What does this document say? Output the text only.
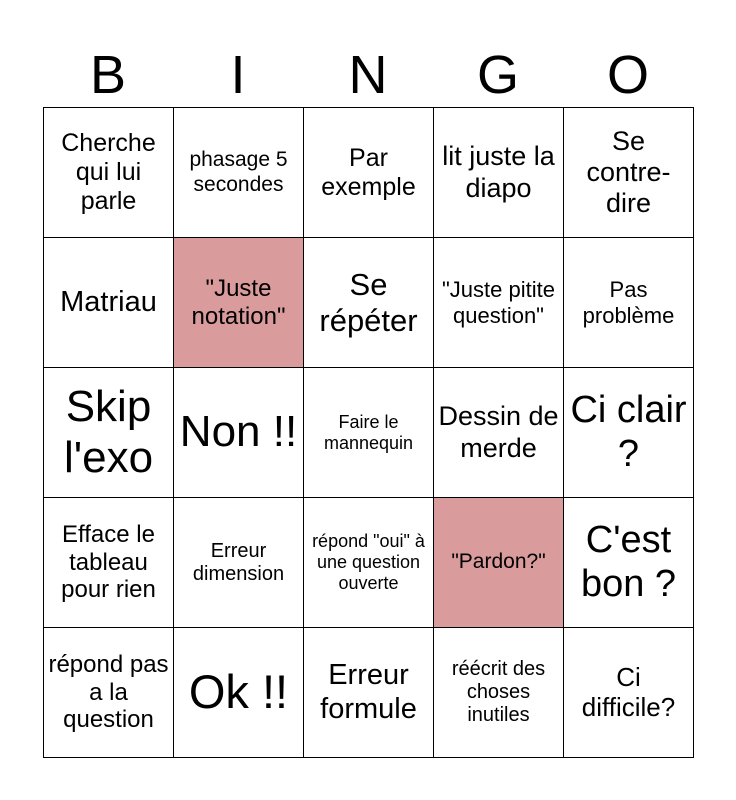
B	I	N	G	O
Cherche qui lui parle	phasage 5 secondes	Par exemple	lit juste la diapo	Se contre-dire
Matriau	"Juste notation"	Se répéter	"Juste pitite question"	Pas problème
Skip l'exo	Non !!	Faire le mannequin	Dessin de merde	Ci clair ?
Efface le tableau pour rien	Erreur dimension	répond "oui" à une question ouverte	"Pardon?"	C'est bon ?
répond pas a la question	Ok !!	Erreur formule	réécrit des choses inutiles	Ci difficile?
